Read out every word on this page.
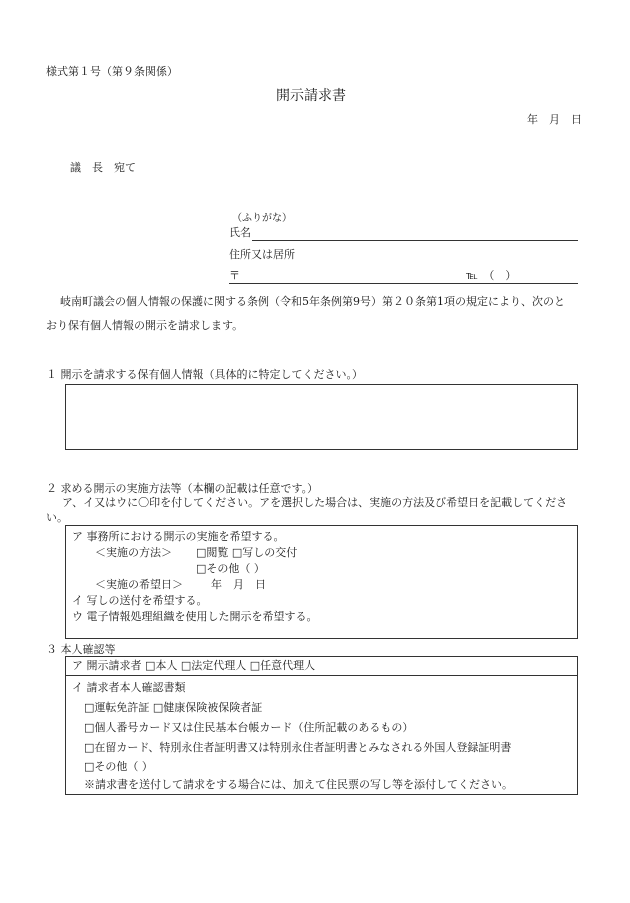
様式第１号（第９条関係）
開示請求書
年　月　日
議　長　宛て
（ふりがな）
氏名
住所又は居所
〒	℡　（　）
岐南町議会の個人情報の保護に関する条例（令和5年条例第9号）第２０条第1項の規定により、次のと
おり保有個人情報の開示を請求します。
１ 開示を請求する保有個人情報（具体的に特定してください。）
２ 求める開示の実施方法等（本欄の記載は任意です。）
ア、イ又はウに〇印を付してください。アを選択した場合は、実施の方法及び希望日を記載してくださ
い。
ア 事務所における開示の実施を希望する。
＜実施の方法＞ □閲覧 □写しの交付
□その他（ ）
＜実施の希望日＞	年　月　日
イ 写しの送付を希望する。
ウ 電子情報処理組織を使用した開示を希望する。
３ 本人確認等
ア 開示請求者 □本人 □法定代理人 □任意代理人
イ 請求者本人確認書類
□運転免許証 □健康保険被保険者証
□個人番号カード又は住民基本台帳カード（住所記載のあるもの）
□在留カード、特別永住者証明書又は特別永住者証明書とみなされる外国人登録証明書
□その他（ ）
※請求書を送付して請求をする場合には、加えて住民票の写し等を添付してください。
